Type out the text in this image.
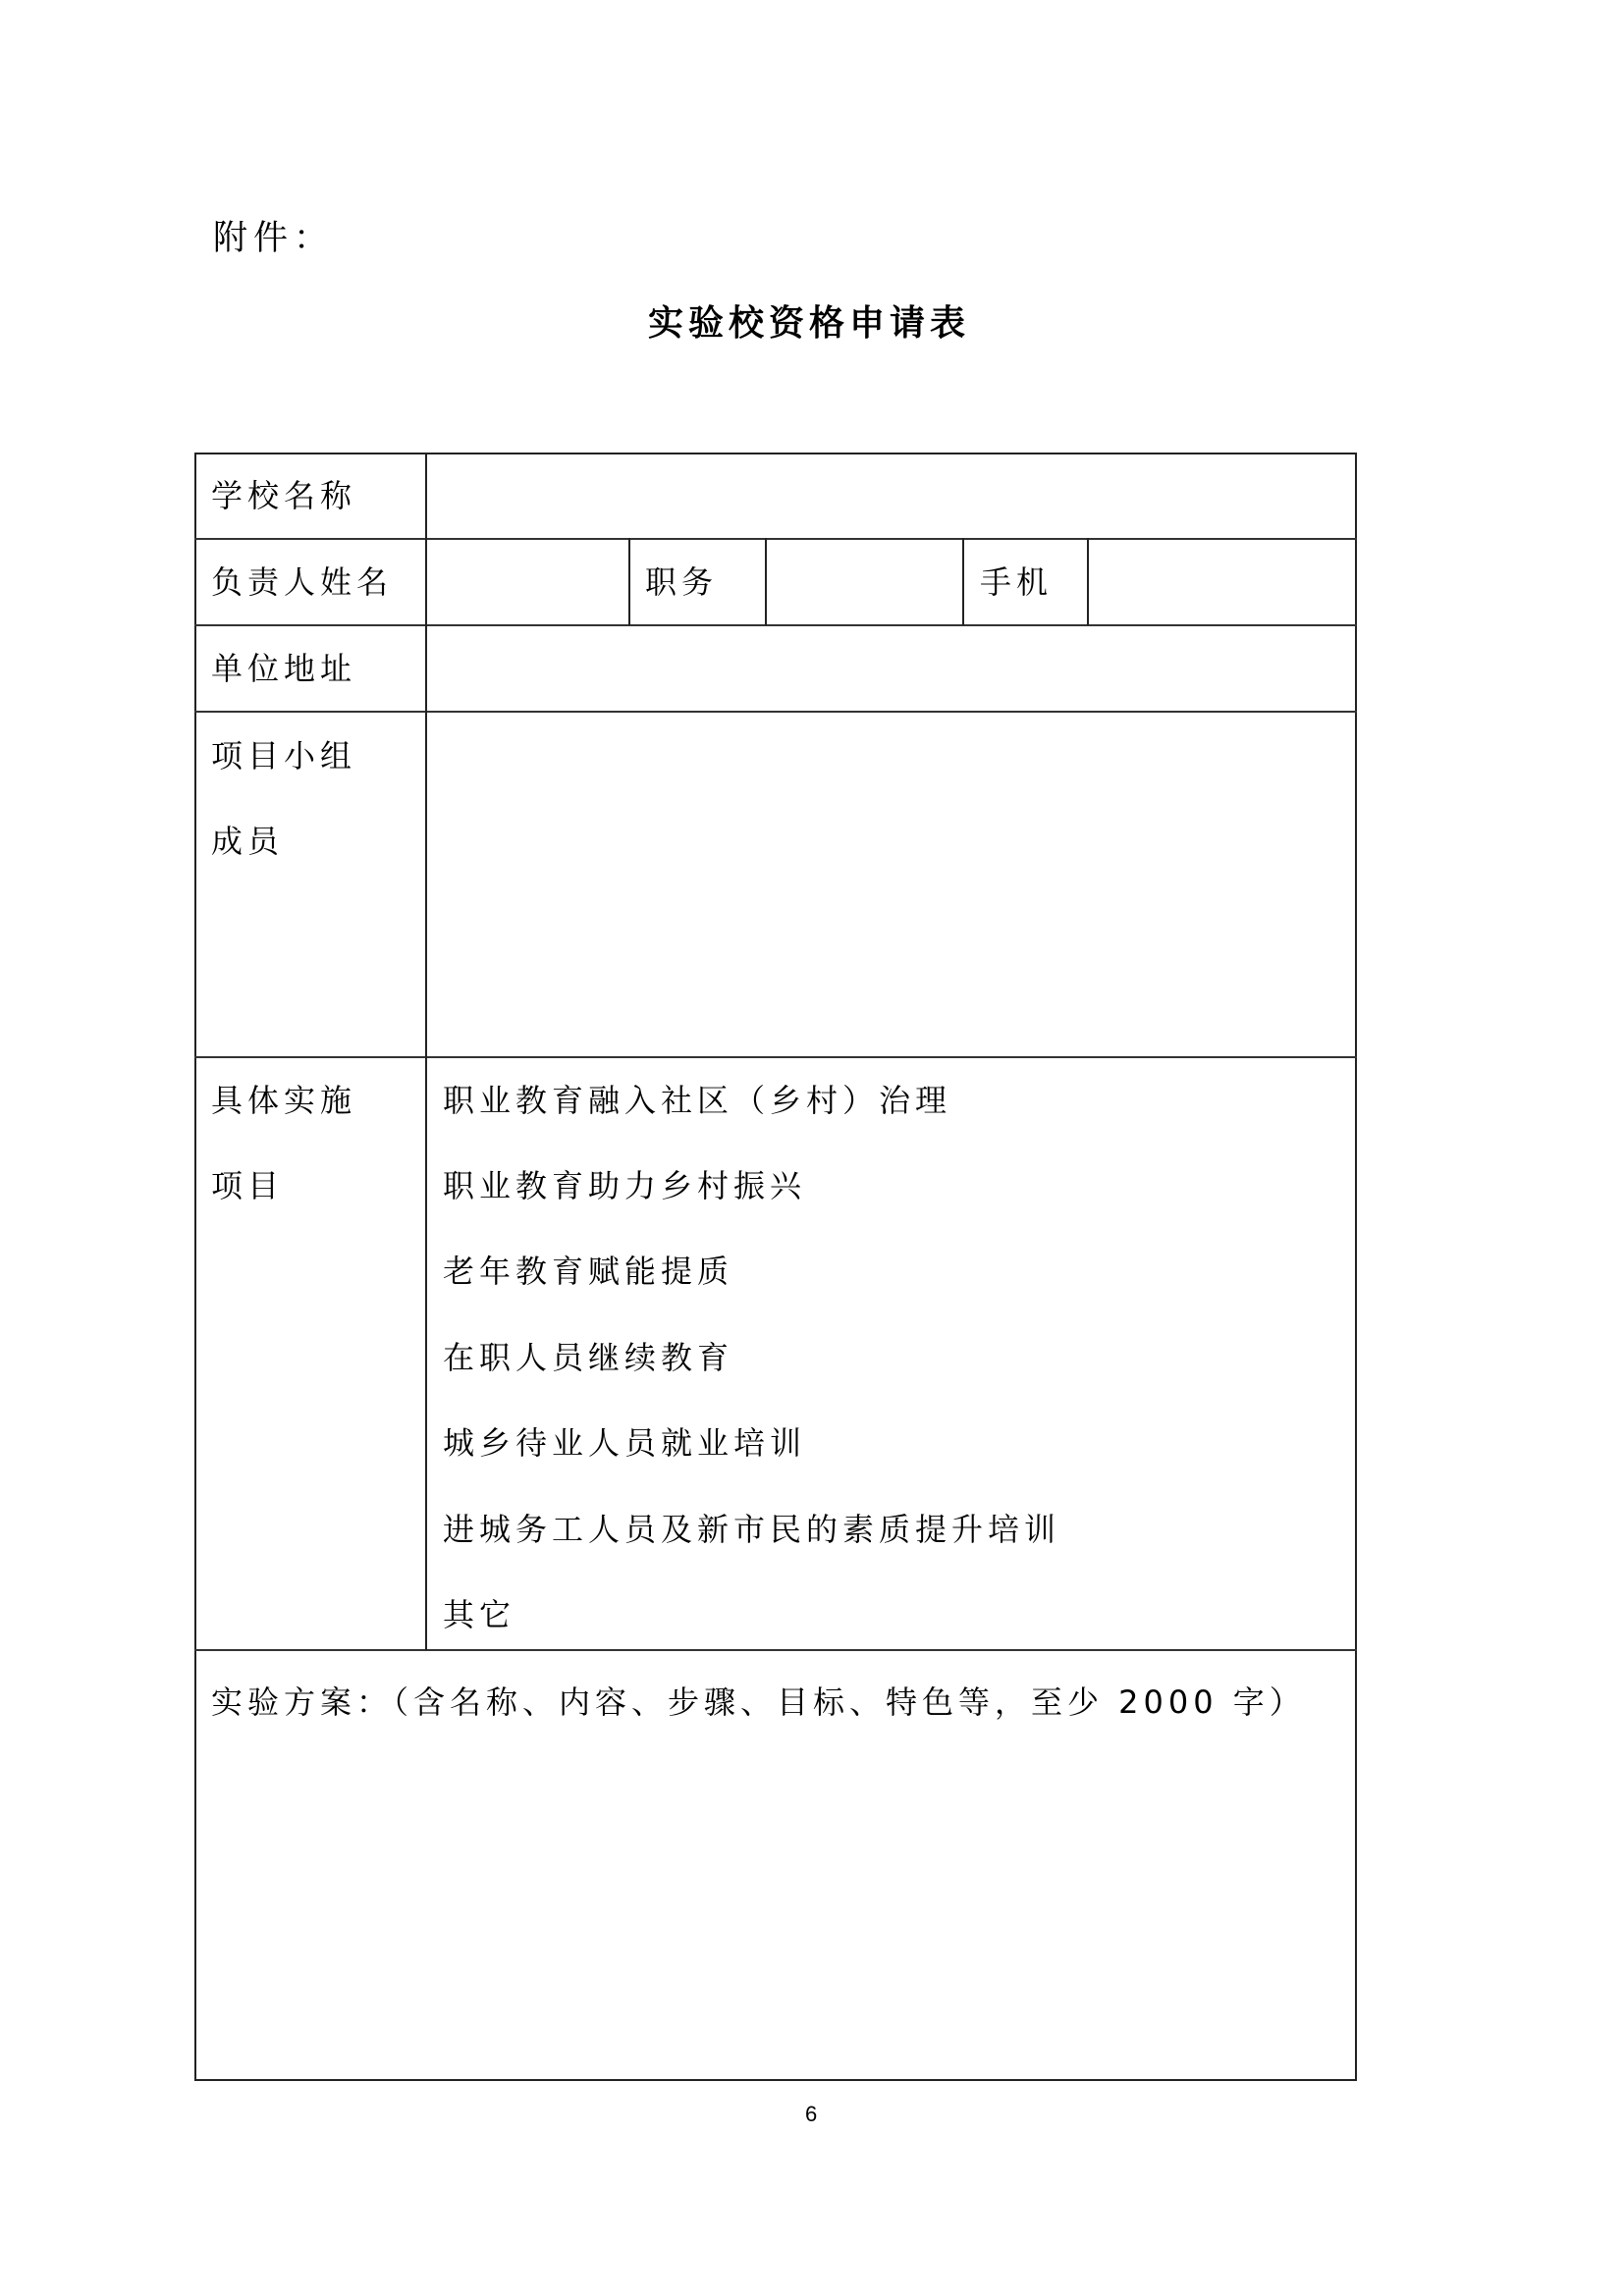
附件：
实验校资格申请表
学校名称
负责人姓名	职务	手机
单位地址
项目小组
成员
具体实施
项目
职业教育融入社区（乡村）治理
职业教育助力乡村振兴
老年教育赋能提质
在职人员继续教育
城乡待业人员就业培训
进城务工人员及新市民的素质提升培训
其它
实验方案：（含名称、内容、步骤、目标、特色等，至少 2000 字）
6
